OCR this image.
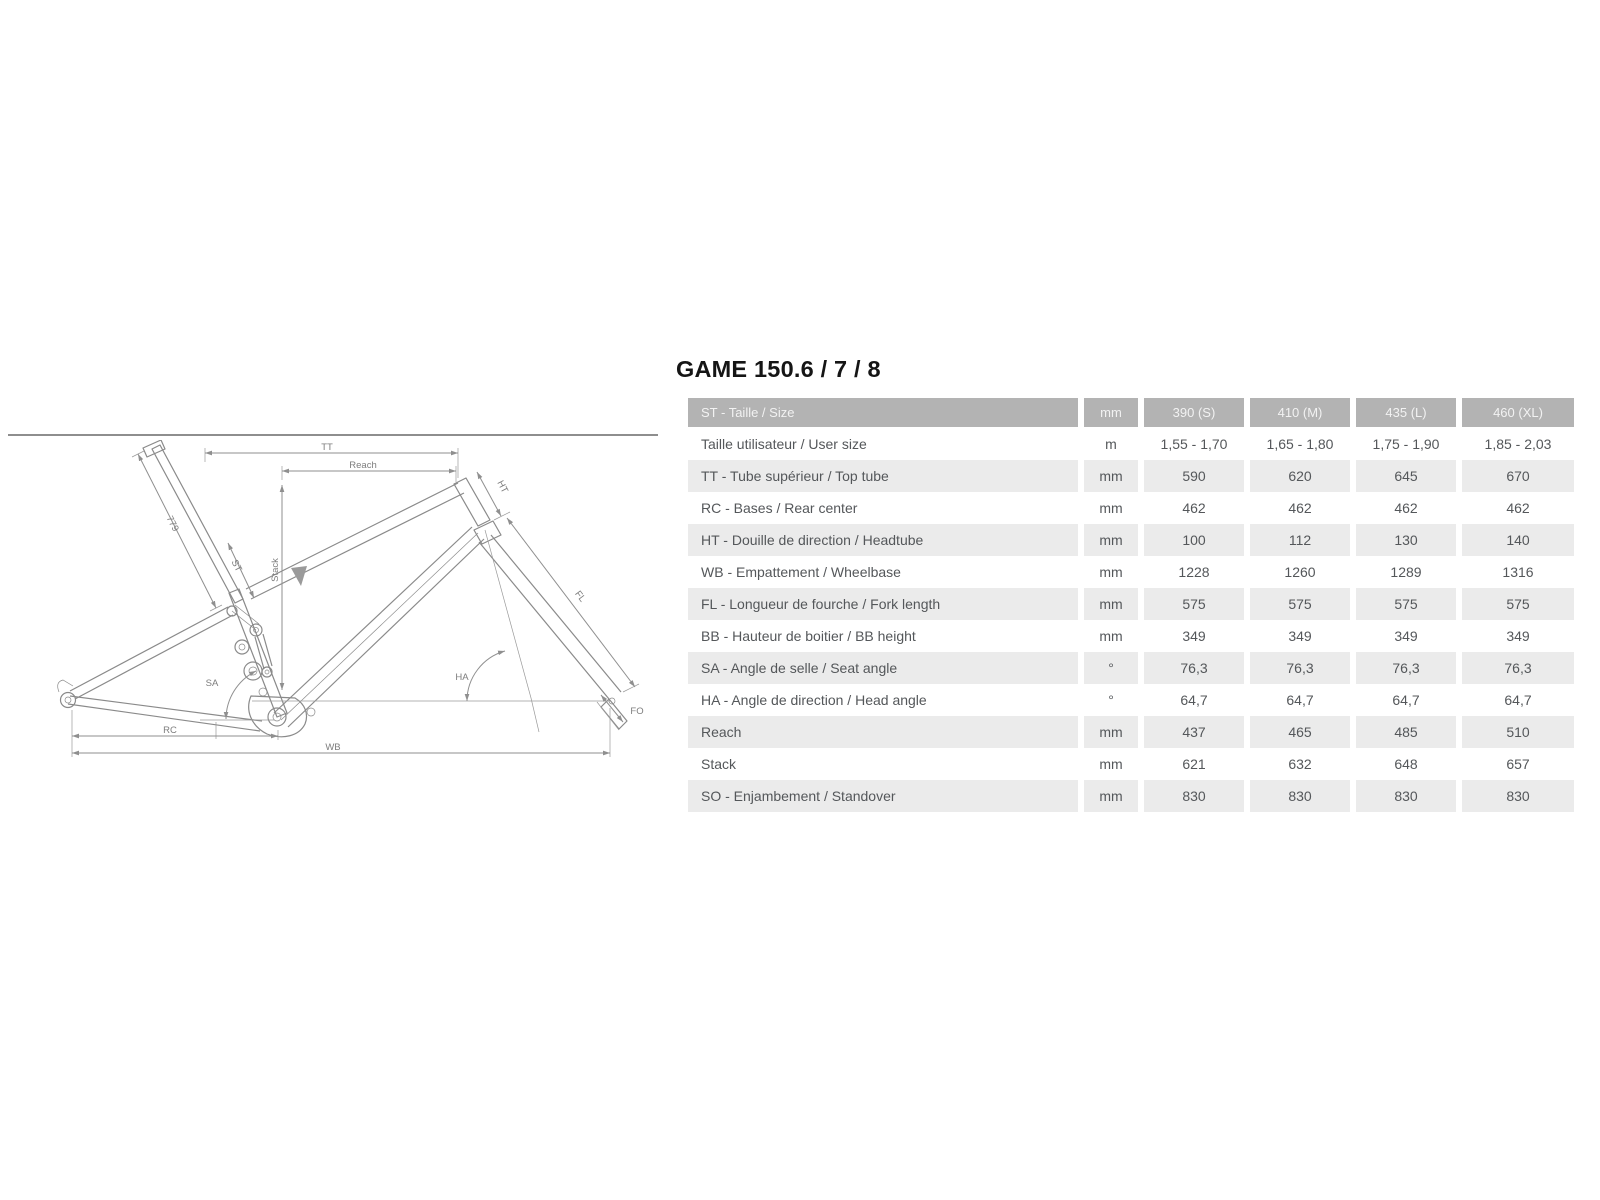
GAME 150.6 / 7 / 8
TT
Reach
Stack
779
ST
SA
HA
RC
WB
FL
HT
FO
ST - Taille / Size	mm	390 (S)	410 (M)	435 (L)	460 (XL)
Taille utilisateur / User size	m	1,55 - 1,70	1,65 - 1,80	1,75 - 1,90	1,85 - 2,03
TT - Tube supérieur / Top tube	mm	590	620	645	670
RC - Bases / Rear center	mm	462	462	462	462
HT - Douille de direction / Headtube	mm	100	112	130	140
WB - Empattement / Wheelbase	mm	1228	1260	1289	1316
FL - Longueur de fourche / Fork length	mm	575	575	575	575
BB - Hauteur de boitier / BB height	mm	349	349	349	349
SA - Angle de selle / Seat angle	°	76,3	76,3	76,3	76,3
HA - Angle de direction / Head angle	°	64,7	64,7	64,7	64,7
Reach	mm	437	465	485	510
Stack	mm	621	632	648	657
SO - Enjambement / Standover	mm	830	830	830	830
